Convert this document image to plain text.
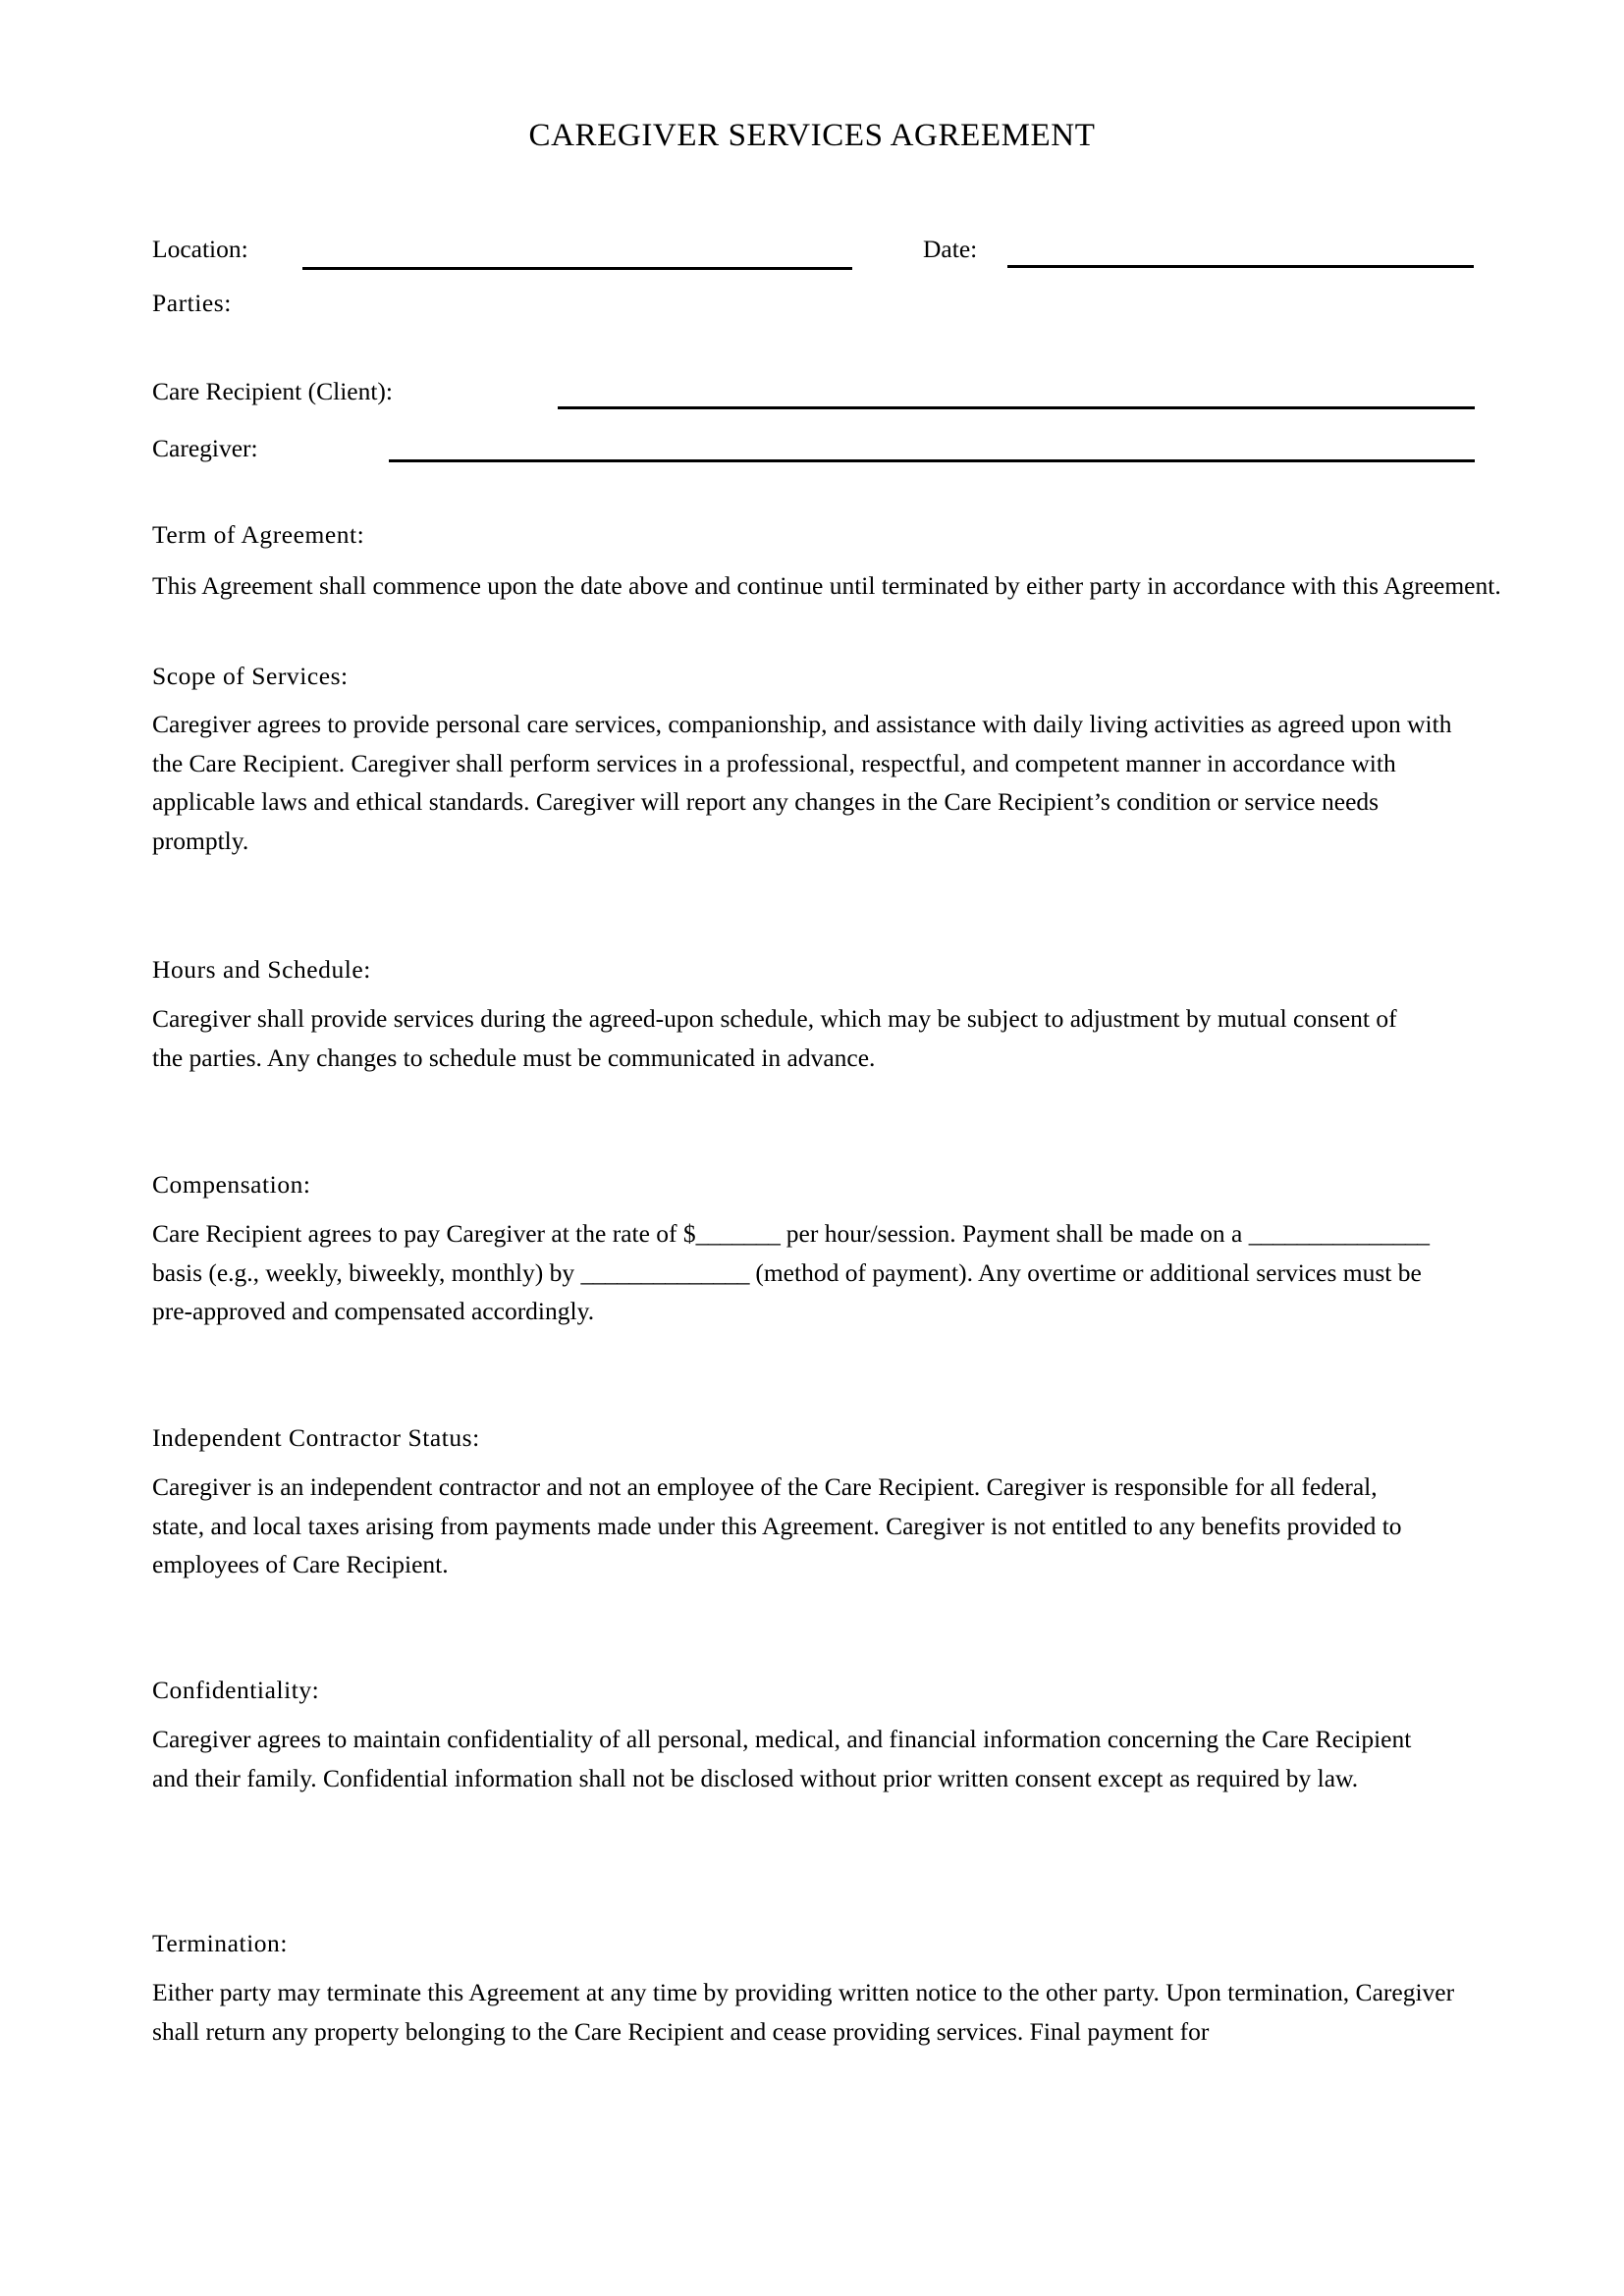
CAREGIVER SERVICES AGREEMENT
Location:	Date:
Parties:
Care Recipient (Client):
Caregiver:
Term of Agreement:
This Agreement shall commence upon the date above and continue until terminated by either party in accordance with this Agreement.
Scope of Services:
Caregiver agrees to provide personal care services, companionship, and assistance with daily living activities as agreed upon with the Care Recipient. Caregiver shall perform services in a professional, respectful, and competent manner in accordance with applicable laws and ethical standards. Caregiver will report any changes in the Care Recipient’s condition or service needs promptly.
Hours and Schedule:
Caregiver shall provide services during the agreed-upon schedule, which may be subject to adjustment by mutual consent of the parties. Any changes to schedule must be communicated in advance.
Compensation:
Care Recipient agrees to pay Caregiver at the rate of $_______ per hour/session. Payment shall be made on a _______________ basis (e.g., weekly, biweekly, monthly) by ______________ (method of payment). Any overtime or additional services must be pre-approved and compensated accordingly.
Independent Contractor Status:
Caregiver is an independent contractor and not an employee of the Care Recipient. Caregiver is responsible for all federal, state, and local taxes arising from payments made under this Agreement. Caregiver is not entitled to any benefits provided to employees of Care Recipient.
Confidentiality:
Caregiver agrees to maintain confidentiality of all personal, medical, and financial information concerning the Care Recipient and their family. Confidential information shall not be disclosed without prior written consent except as required by law.
Termination:
Either party may terminate this Agreement at any time by providing written notice to the other party. Upon termination, Caregiver shall return any property belonging to the Care Recipient and cease providing services. Final payment for
